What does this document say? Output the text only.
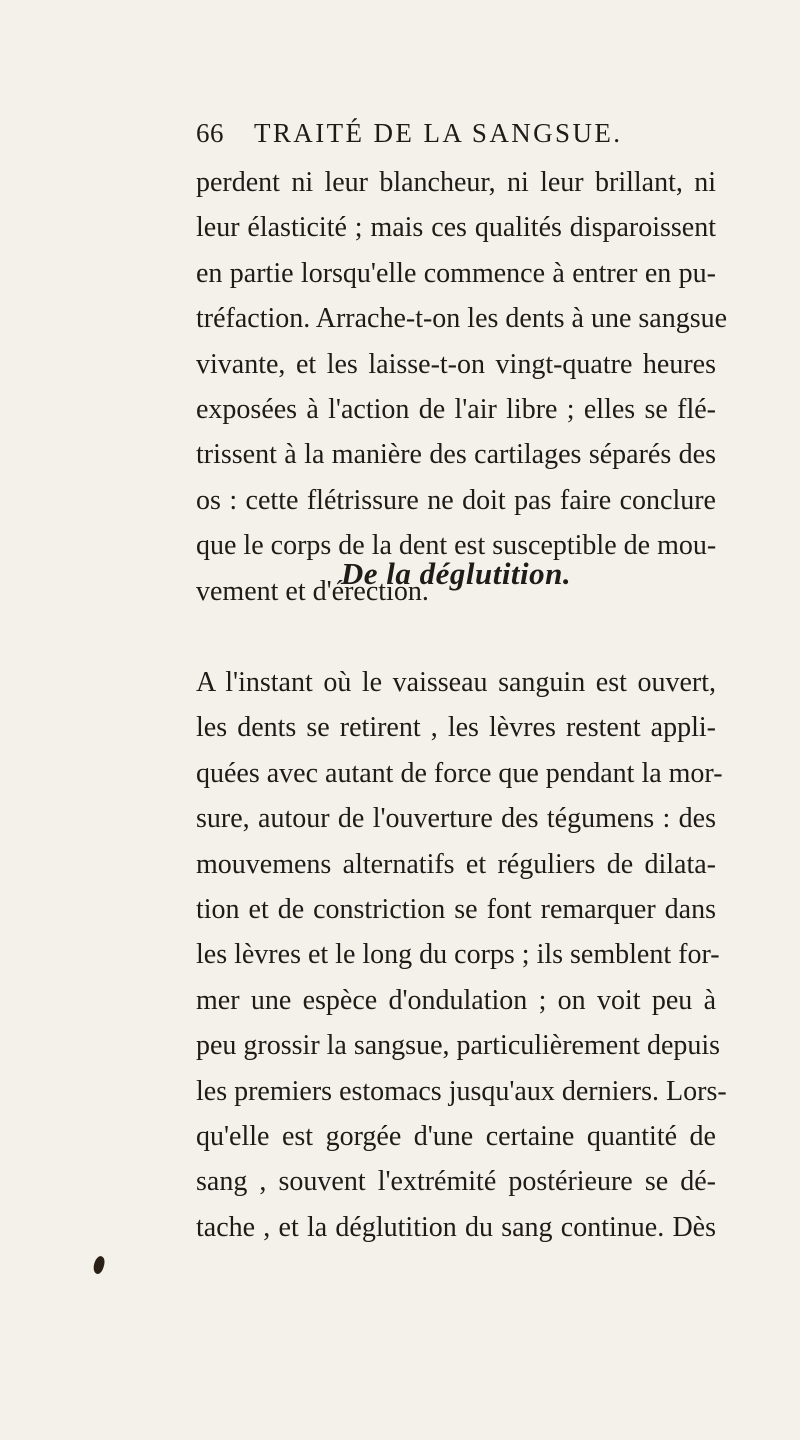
66 TRAITÉ DE LA SANGSUE.
perdent ni leur blancheur, ni leur brillant, ni
leur élasticité ; mais ces qualités disparoissent
en partie lorsqu'elle commence à entrer en pu-
tréfaction. Arrache-t-on les dents à une sangsue
vivante, et les laisse-t-on vingt-quatre heures
exposées à l'action de l'air libre ; elles se flé-
trissent à la manière des cartilages séparés des
os : cette flétrissure ne doit pas faire conclure
que le corps de la dent est susceptible de mou-
vement et d'érection.
De la déglutition.
A l'instant où le vaisseau sanguin est ouvert,
les dents se retirent , les lèvres restent appli-
quées avec autant de force que pendant la mor-
sure, autour de l'ouverture des tégumens : des
mouvemens alternatifs et réguliers de dilata-
tion et de constriction se font remarquer dans
les lèvres et le long du corps ; ils semblent for-
mer une espèce d'ondulation ; on voit peu à
peu grossir la sangsue, particulièrement depuis
les premiers estomacs jusqu'aux derniers. Lors-
qu'elle est gorgée d'une certaine quantité de
sang , souvent l'extrémité postérieure se dé-
tache , et la déglutition du sang continue. Dès
